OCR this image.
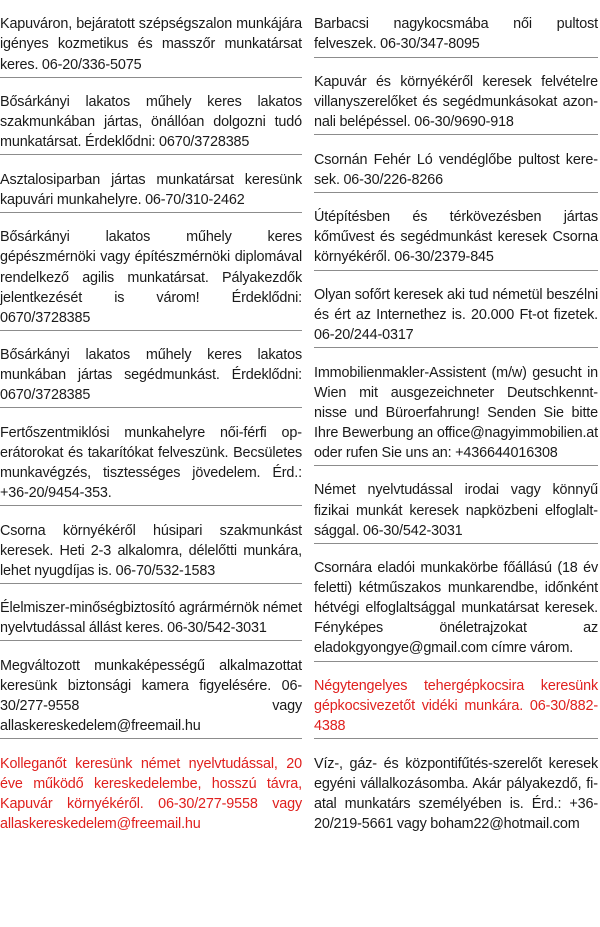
Kapuváron, bejáratott szépségszalon munkájára igényes kozmetikus és masszőr munkatársat keres. 06-20/336-5075

Bősárkányi lakatos műhely keres lakatos szakmunkában jártas, önállóan dolgozni tudó munkatársat. Érdeklődni: 0670/3728385

Asztalosiparban jártas munkatársat keresünk kapuvári munkahelyre. 06-70/310-2462

Bősárkányi lakatos műhely keres gépészmérnöki vagy építészmérnöki diplomával rendelkező agilis munkatársat. Pályakezdők jelentkezését is várom! Érdeklődni: 0670/3728385

Bősárkányi lakatos műhely keres lakatos munkában jártas segédmunkást. Érdeklődni: 0670/3728385

Fertőszentmiklósi munkahelyre női-férfi operátorokat és takarítókat felveszünk. Becsületes munkavégzés, tisztességes jövedelem. Érd.: +36-20/9454-353.

Csorna környékéről húsipari szakmunkást keresek. Heti 2-3 alkalomra, délelőtti munkára, lehet nyugdíjas is. 06-70/532-1583

Élelmiszer-minőségbiztosító agrármérnök német nyelvtudással állást keres. 06-30/542-3031

Megváltozott munkaképességű alkalmazottat keresünk biztonsági kamera figyelésére. 06-30/277-9558 vagy allaskereskedelem@freemail.hu

Kolleganőt keresünk német nyelvtudással, 20 éve működő kereskedelembe, hosszú távra, Kapuvár környékéről. 06-30/277-9558 vagy allaskereskedelem@freemail.hu

Barbacsi nagykocsmába női pultost felveszek. 06-30/347-8095

Kapuvár és környékéről keresek felvételre villanyszerelőket és segédmunkásokat azonnali belépéssel. 06-30/9690-918

Csornán Fehér Ló vendéglőbe pultost keresek. 06-30/226-8266

Útépítésben és térkövezésben jártas kőművest és segédmunkást keresek Csorna környékéről. 06-30/2379-845

Olyan sofőrt keresek aki tud németül beszélni és ért az Internethez is. 20.000 Ft-ot fizetek. 06-20/244-0317

Immobilienmakler-Assistent (m/w) gesucht in Wien mit ausgezeichneter Deutschkenntnisse und Büroerfahrung! Senden Sie bitte Ihre Bewerbung an office@nagyimmobilien.at oder rufen Sie uns an: +436644016308

Német nyelvtudással irodai vagy könnyű fizikai munkát keresek napközbeni elfoglaltsággal. 06-30/542-3031

Csornára eladói munkakörbe főállású (18 év feletti) kétműszakos munkarendbe, időnként hétvégi elfoglaltsággal munkatársat keresek. Fényképes önéletrajzokat az eladokgyongye@gmail.com címre várom.

Négytengelyes tehergépkocsira keresünk gépkocsivezetőt vidéki munkára. 06-30/882-4388

Víz-, gáz- és központifűtés-szerelőt keresek egyéni vállalkozásomba. Akár pályakezdő, fiatal munkatárs személyében is. Érd.: +36-20/219-5661 vagy boham22@hotmail.com
